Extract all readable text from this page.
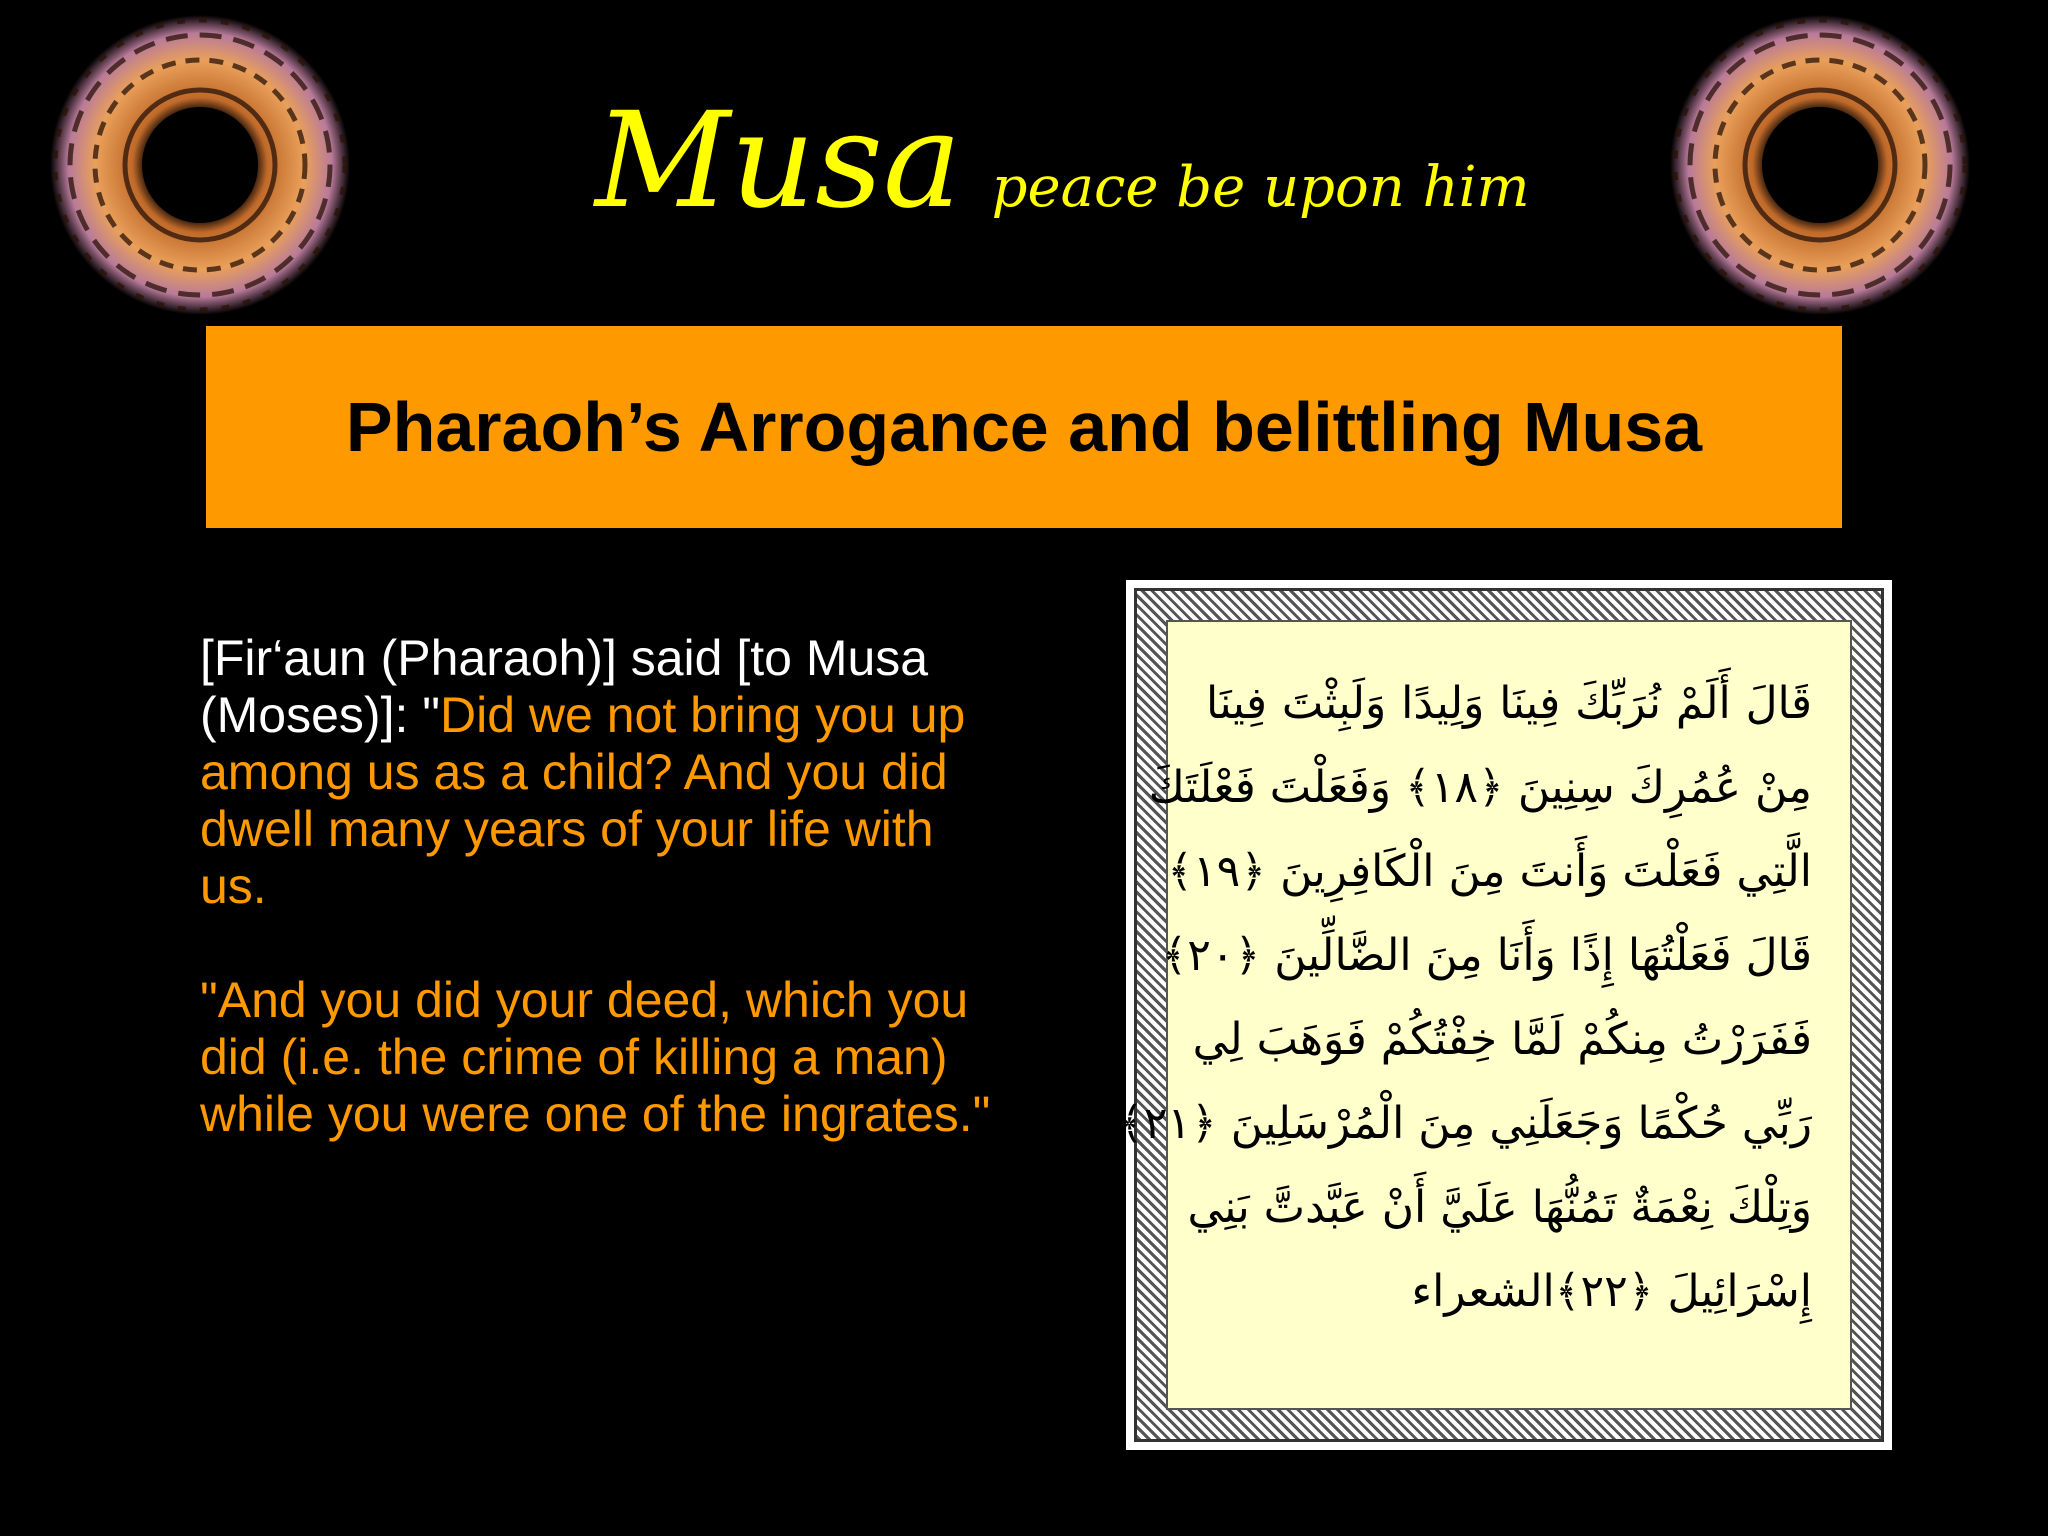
Musa peace be upon him
Pharaoh’s Arrogance and belittling Musa

[Fir‘aun (Pharaoh)] said [to Musa (Moses)]: "Did we not bring you up among us as a child? And you did dwell many years of your life with us.

"And you did your deed, which you did (i.e. the crime of killing a man) while you were one of the ingrates."

قَالَ أَلَمْ نُرَبِّكَ فِينَا وَلِيدًا وَلَبِثْتَ فِينَا
مِنْ عُمُرِكَ سِنِينَ ﴿١٨﴾ وَفَعَلْتَ فَعْلَتَكَ
الَّتِي فَعَلْتَ وَأَنتَ مِنَ الْكَافِرِينَ ﴿١٩﴾
قَالَ فَعَلْتُهَا إِذًا وَأَنَا مِنَ الضَّالِّينَ ﴿٢٠﴾
فَفَرَرْتُ مِنكُمْ لَمَّا خِفْتُكُمْ فَوَهَبَ لِي
رَبِّي حُكْمًا وَجَعَلَنِي مِنَ الْمُرْسَلِينَ ﴿٢١﴾
وَتِلْكَ نِعْمَةٌ تَمُنُّهَا عَلَيَّ أَنْ عَبَّدتَّ بَنِي
إِسْرَائِيلَ ﴿٢٢﴾
الشعراء
